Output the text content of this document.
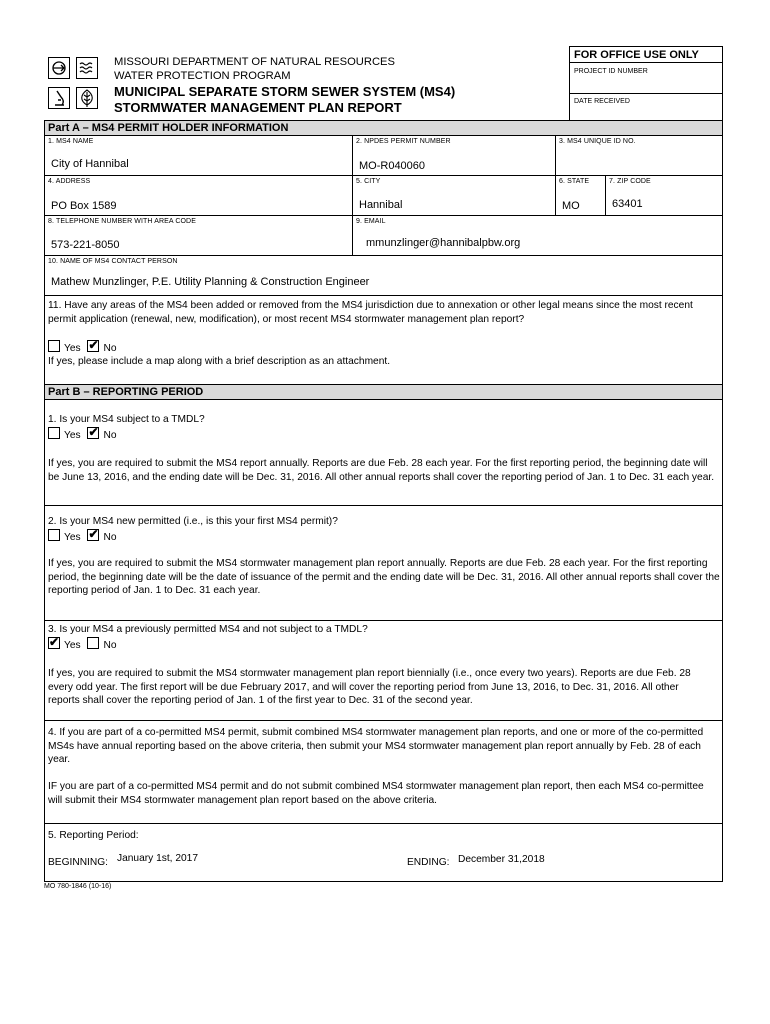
MISSOURI DEPARTMENT OF NATURAL RESOURCES
WATER PROTECTION PROGRAM
MUNICIPAL SEPARATE STORM SEWER SYSTEM (MS4)
STORMWATER MANAGEMENT PLAN REPORT
FOR OFFICE USE ONLY
PROJECT ID NUMBER
DATE RECEIVED
Part A – MS4 PERMIT HOLDER INFORMATION
1. MS4 NAME
City of Hannibal
2. NPDES PERMIT NUMBER
MO-R040060
3. MS4 UNIQUE ID NO.
4. ADDRESS
PO Box 1589
5. CITY
Hannibal
6. STATE
MO
7. ZIP CODE
63401
8. TELEPHONE NUMBER WITH AREA CODE
573-221-8050
9. EMAIL
mmunzlinger@hannibalpbw.org
10. NAME OF MS4 CONTACT PERSON
Mathew Munzlinger, P.E. Utility Planning & Construction Engineer
11. Have any areas of the MS4 been added or removed from the MS4 jurisdiction due to annexation or other legal means since the most recent permit application (renewal, new, modification), or most recent MS4 stormwater management plan report?
Yes ✔ No
If yes, please include a map along with a brief description as an attachment.
Part B – REPORTING PERIOD
1. Is your MS4 subject to a TMDL?
Yes ✔ No
If yes, you are required to submit the MS4 report annually. Reports are due Feb. 28 each year. For the first reporting period, the beginning date will be June 13, 2016, and the ending date will be Dec. 31, 2016. All other annual reports shall cover the reporting period of Jan. 1 to Dec. 31 each year.
2. Is your MS4 new permitted (i.e., is this your first MS4 permit)?
Yes ✔ No
If yes, you are required to submit the MS4 stormwater management plan report annually. Reports are due Feb. 28 each year. For the first reporting period, the beginning date will be the date of issuance of the permit and the ending date will be Dec. 31, 2016. All other annual reports shall cover the reporting period of Jan. 1 to Dec. 31 each year.
3. Is your MS4 a previously permitted MS4 and not subject to a TMDL?
✔ Yes No
If yes, you are required to submit the MS4 stormwater management plan report biennially (i.e., once every two years). Reports are due Feb. 28 every odd year. The first report will be due February 2017, and will cover the reporting period from June 13, 2016, to Dec. 31, 2016. All other reports shall cover the reporting period of Jan. 1 of the first year to Dec. 31 of the second year.
4. If you are part of a co-permitted MS4 permit, submit combined MS4 stormwater management plan reports, and one or more of the co-permitted MS4s have annual reporting based on the above criteria, then submit your MS4 stormwater management plan report annually by Feb. 28 of each year.
IF you are part of a co-permitted MS4 permit and do not submit combined MS4 stormwater management plan report, then each MS4 co-permittee will submit their MS4 stormwater management plan report based on the above criteria.
5. Reporting Period:
BEGINNING: January 1st, 2017	ENDING: December 31,2018
MO 780-1846 (10-16)
